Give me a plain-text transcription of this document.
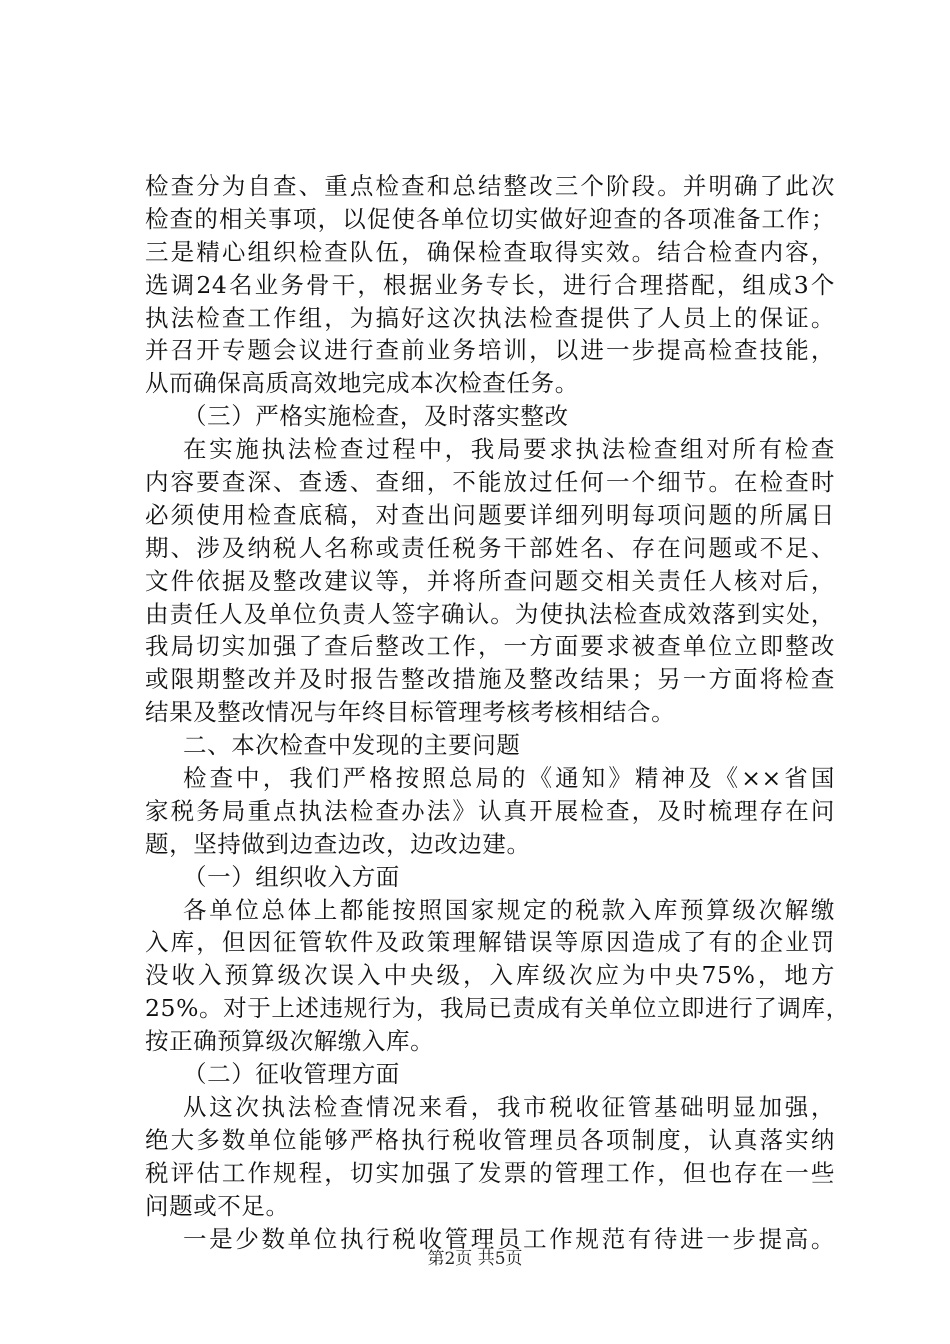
检查分为自查、重点检查和总结整改三个阶段。并明确了此次
检查的相关事项，以促使各单位切实做好迎查的各项准备工作；
三是精心组织检查队伍，确保检查取得实效。结合检查内容，
选调24名业务骨干，根据业务专长，进行合理搭配，组成3个
执法检查工作组，为搞好这次执法检查提供了人员上的保证。
并召开专题会议进行查前业务培训，以进一步提高检查技能，
从而确保高质高效地完成本次检查任务。
（三）严格实施检查，及时落实整改
在实施执法检查过程中，我局要求执法检查组对所有检查
内容要查深、查透、查细，不能放过任何一个细节。在检查时
必须使用检查底稿，对查出问题要详细列明每项问题的所属日
期、涉及纳税人名称或责任税务干部姓名、存在问题或不足、
文件依据及整改建议等，并将所查问题交相关责任人核对后，
由责任人及单位负责人签字确认。为使执法检查成效落到实处，
我局切实加强了查后整改工作，一方面要求被查单位立即整改
或限期整改并及时报告整改措施及整改结果；另一方面将检查
结果及整改情况与年终目标管理考核考核相结合。
二、本次检查中发现的主要问题
检查中，我们严格按照总局的《通知》精神及《××省国
家税务局重点执法检查办法》认真开展检查，及时梳理存在问
题，坚持做到边查边改，边改边建。
（一）组织收入方面
各单位总体上都能按照国家规定的税款入库预算级次解缴
入库，但因征管软件及政策理解错误等原因造成了有的企业罚
没收入预算级次误入中央级，入库级次应为中央75%，地方
25%。对于上述违规行为，我局已责成有关单位立即进行了调库，
按正确预算级次解缴入库。
（二）征收管理方面
从这次执法检查情况来看，我市税收征管基础明显加强，
绝大多数单位能够严格执行税收管理员各项制度，认真落实纳
税评估工作规程，切实加强了发票的管理工作，但也存在一些
问题或不足。
一是少数单位执行税收管理员工作规范有待进一步提高。
第2页 共5页
